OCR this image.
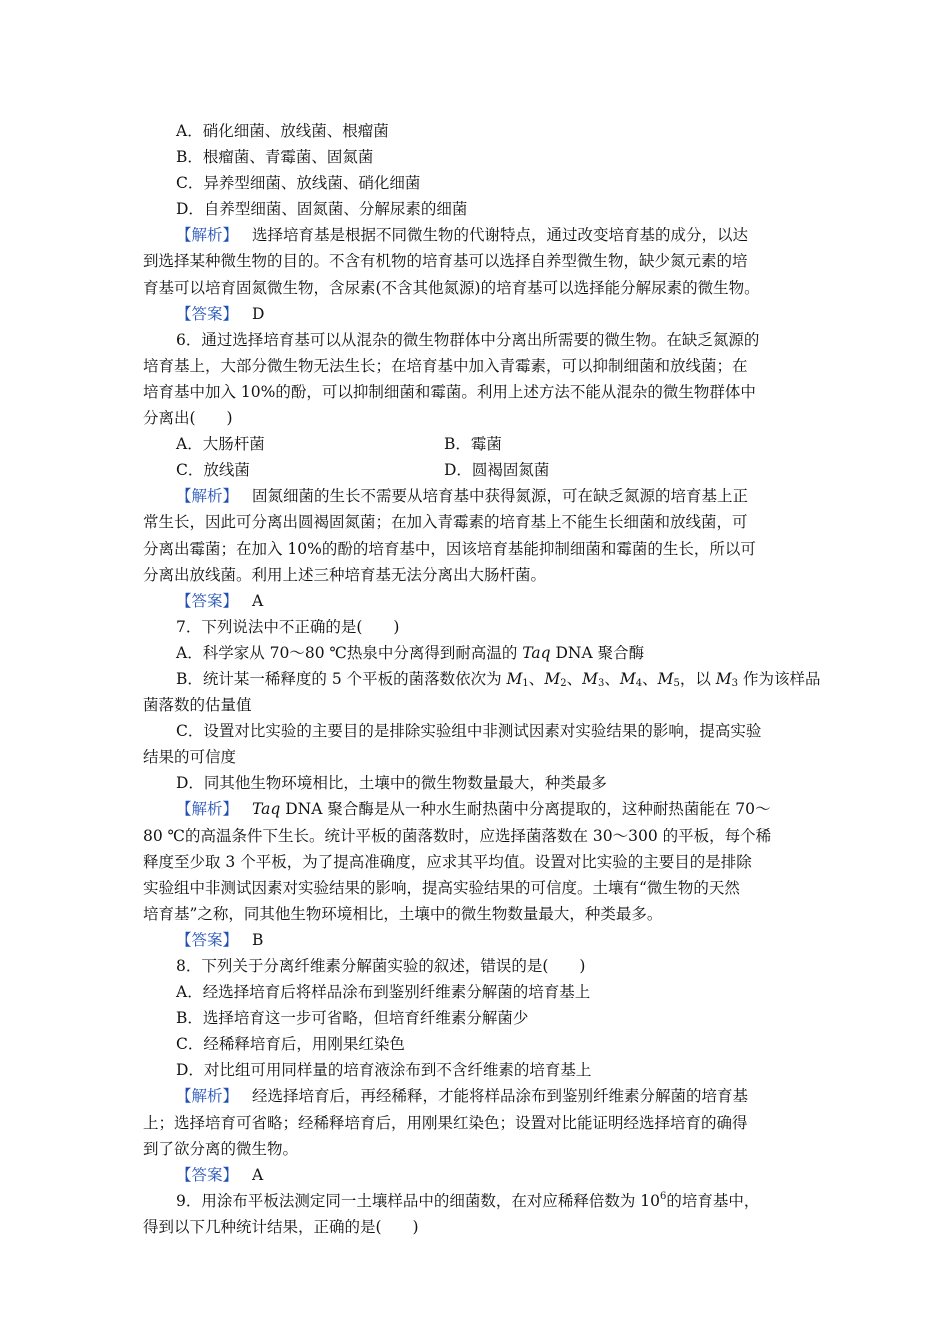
A．硝化细菌、放线菌、根瘤菌
B．根瘤菌、青霉菌、固氮菌
C．异养型细菌、放线菌、硝化细菌
D．自养型细菌、固氮菌、分解尿素的细菌
【解析】 选择培育基是根据不同微生物的代谢特点，通过改变培育基的成分，以达
到选择某种微生物的目的。不含有机物的培育基可以选择自养型微生物，缺少氮元素的培
育基可以培育固氮微生物，含尿素(不含其他氮源)的培育基可以选择能分解尿素的微生物。
【答案】 D
6．通过选择培育基可以从混杂的微生物群体中分离出所需要的微生物。在缺乏氮源的
培育基上，大部分微生物无法生长；在培育基中加入青霉素，可以抑制细菌和放线菌；在
培育基中加入 10%的酚，可以抑制细菌和霉菌。利用上述方法不能从混杂的微生物群体中
分离出(　　)
A．大肠杆菌	B．霉菌
C．放线菌	D．圆褐固氮菌
【解析】 固氮细菌的生长不需要从培育基中获得氮源，可在缺乏氮源的培育基上正
常生长，因此可分离出圆褐固氮菌；在加入青霉素的培育基上不能生长细菌和放线菌，可
分离出霉菌；在加入 10%的酚的培育基中，因该培育基能抑制细菌和霉菌的生长，所以可
分离出放线菌。利用上述三种培育基无法分离出大肠杆菌。
【答案】 A
7．下列说法中不正确的是(　　)
A．科学家从 70～80 ℃热泉中分离得到耐高温的 Taq DNA 聚合酶
B．统计某一稀释度的 5 个平板的菌落数依次为 $M_1$、$M_2$、$M_3$、$M_4$、$M_5$，以 $M_3$ 作为该样品
菌落数的估量值
C．设置对比实验的主要目的是排除实验组中非测试因素对实验结果的影响，提高实验
结果的可信度
D．同其他生物环境相比，土壤中的微生物数量最大，种类最多
【解析】 Taq DNA 聚合酶是从一种水生耐热菌中分离提取的，这种耐热菌能在 70～
80 ℃的高温条件下生长。统计平板的菌落数时，应选择菌落数在 30～300 的平板，每个稀
释度至少取 3 个平板，为了提高准确度，应求其平均值。设置对比实验的主要目的是排除
实验组中非测试因素对实验结果的影响，提高实验结果的可信度。土壤有“微生物的天然
培育基”之称，同其他生物环境相比，土壤中的微生物数量最大，种类最多。
【答案】 B
8．下列关于分离纤维素分解菌实验的叙述，错误的是(　　)
A．经选择培育后将样品涂布到鉴别纤维素分解菌的培育基上
B．选择培育这一步可省略，但培育纤维素分解菌少
C．经稀释培育后，用刚果红染色
D．对比组可用同样量的培育液涂布到不含纤维素的培育基上
【解析】 经选择培育后，再经稀释，才能将样品涂布到鉴别纤维素分解菌的培育基
上；选择培育可省略；经稀释培育后，用刚果红染色；设置对比能证明经选择培育的确得
到了欲分离的微生物。
【答案】 A
9．用涂布平板法测定同一土壤样品中的细菌数，在对应稀释倍数为 $10^6$的培育基中，
得到以下几种统计结果，正确的是(　　)
